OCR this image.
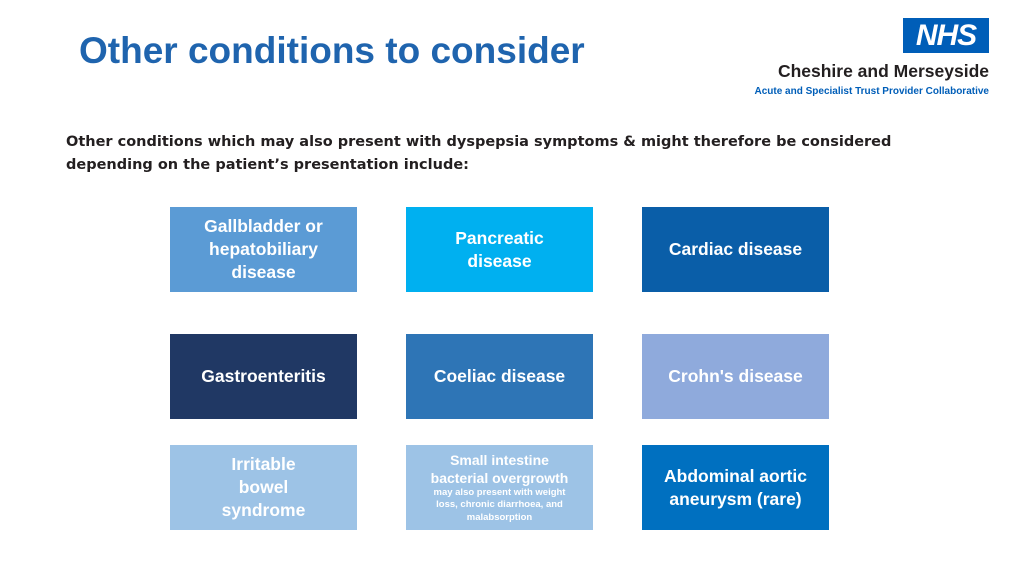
Other conditions to consider	NHS
Cheshire and Merseyside
Acute and Specialist Trust Provider Collaborative
Other conditions which may also present with dyspepsia symptoms & might therefore be considered depending on the patient’s presentation include:
Gallbladder or hepatobiliary disease
Pancreatic disease
Cardiac disease
Gastroenteritis	Coeliac disease	Crohn's disease
Irritable bowel syndrome
Small intestine bacterial overgrowth
may also present with weight loss, chronic diarrhoea, and malabsorption
Abdominal aortic aneurysm (rare)
